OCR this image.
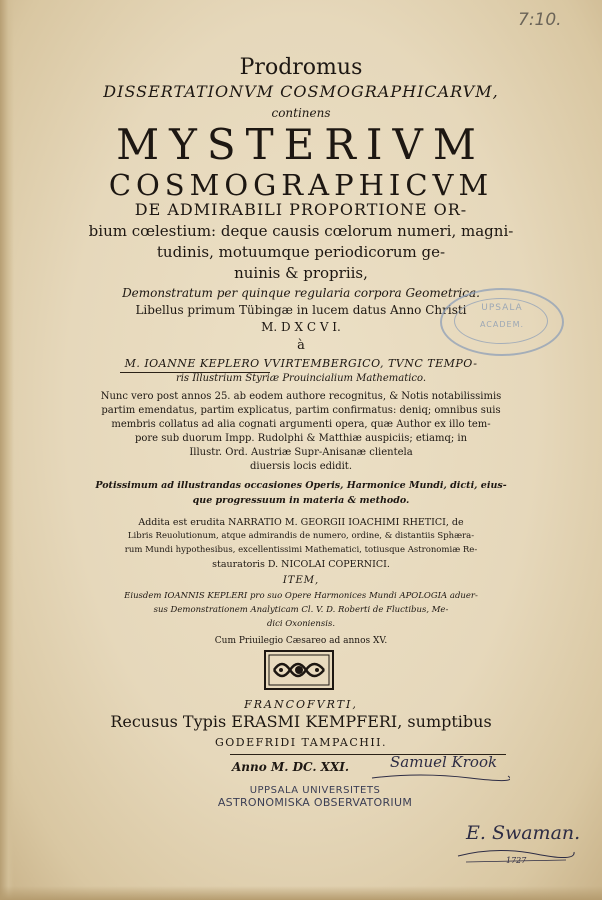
7:10.
Prodromus
DISSERTATIONVM COSMOGRAPHICARVM,
continens
MYSTERIVM
COSMOGRAPHICVM
DE ADMIRABILI PROPORTIONE OR-
bium cœlestium: deque causis cœlorum numeri, magni-
tudinis, motuumque periodicorum ge-
nuinis & propriis,
Demonstratum per quinque regularia corpora Geometrica.
Libellus primum Tübingæ in lucem datus Anno Christi
M. D X C V I.
à
M. IOANNE KEPLERO VVIRTEMBERGICO, TVNC TEMPO-
ris Illustrium Styriæ Prouincialium Mathematico.
Nunc vero post annos 25. ab eodem authore recognitus, & Notis notabilissimis
partim emendatus, partim explicatus, partim confirmatus: deniq; omnibus suis
membris collatus ad alia cognati argumenti opera, quæ Author ex illo tem-
pore sub duorum Impp. Rudolphi & Matthiæ auspiciis; etiamq; in
Illustr. Ord. Austriæ Supr-Anisanæ clientela
diuersis locis edidit.
Potissimum ad illustrandas occasiones Operis, Harmonice Mundi, dicti, eius-
que progressuum in materia & methodo.
Addita est erudita NARRATIO M. GEORGII IOACHIMI RHETICI, de
Libris Reuolutionum, atque admirandis de numero, ordine, & distantiis Sphæra-
rum Mundi hypothesibus, excellentissimi Mathematici, totiusque Astronomiæ Re-
stauratoris D. NICOLAI COPERNICI.
ITEM,
Eiusdem IOANNIS KEPLERI pro suo Opere Harmonices Mundi APOLOGIA aduer-
sus Demonstrationem Analyticam Cl. V. D. Roberti de Fluctibus, Me-
dici Oxoniensis.
Cum Priuilegio Cæsareo ad annos XV.
FRANCOFVRTI,
Recusus Typis ERASMI KEMPFERI, sumptibus
GODEFRIDI TAMPACHII.
Anno M. DC. XXI.	Samuel Krook
UPPSALA UNIVERSITETS
ASTRONOMISKA OBSERVATORIUM
UPSALA
ACADEM.
E. Swaman.
1727
